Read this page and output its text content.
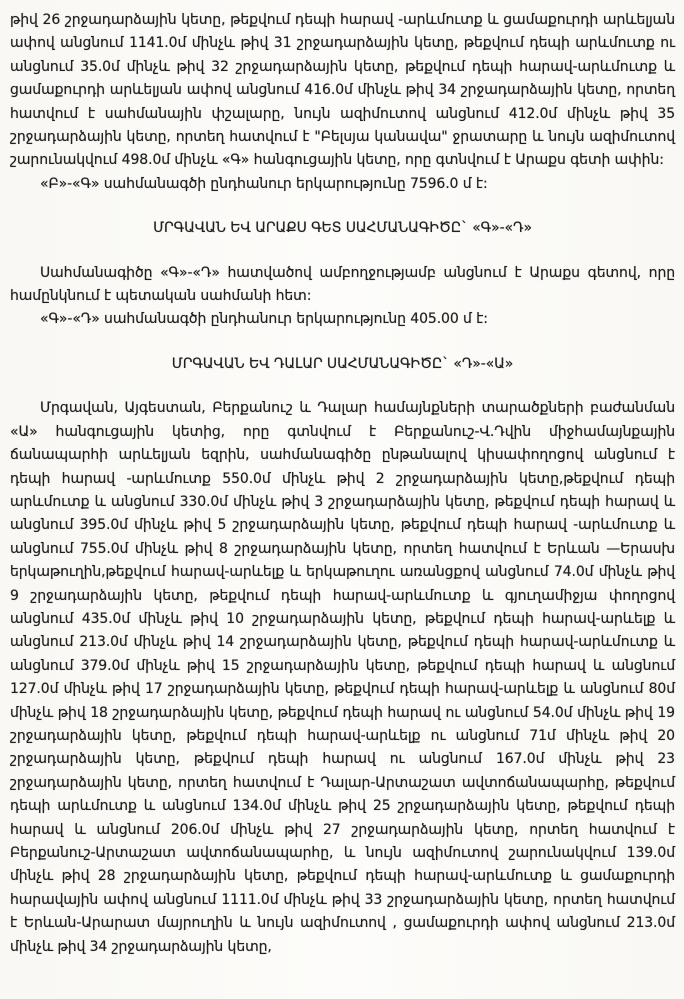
թիվ 26 շրջադարձային կետը, թեքվում դեպի հարավ -արևմուտք և ցամաքուրդի արևելյան ափով անցնում 1141.0մ մինչև թիվ 31 շրջադարձային կետը, թեքվում դեպի արևմուտք ու անցնում 35.0մ մինչև թիվ 32 շրջադարձային կետը, թեքվում դեպի հարավ-արևմուտք և ցամաքուրդի արևելյան ափով անցնում 416.0մ մինչև թիվ 34 շրջադարձային կետը, որտեղ հատվում է սահմանային փշալարը, նույն ազիմուտով անցնում 412.0մ մինչև թիվ 35 շրջադարձային կետը, որտեղ հատվում է "Բելսյա կանավա" ջրատարը և նույն ազիմուտով շարունակվում 498.0մ մինչև «Գ» հանգուցային կետը, որը գտնվում է Արաքս գետի ափին:

«Բ»-«Գ» սահմանագծի ընդհանուր երկարությունը 7596.0 մ է:

ՄՐԳԱՎԱՆ ԵՎ ԱՐԱՔՍ ԳԵՏ ՍԱՀՄԱՆԱԳԻԾԸ` «Գ»-«Դ»

Սահմանագիծը «Գ»-«Դ» հատվածով ամբողջությամբ անցնում է Արաքս գետով, որը համընկնում է պետական սահմանի հետ:

«Գ»-«Դ» սահմանագծի ընդհանուր երկարությունը 405.00 մ է:

ՄՐԳԱՎԱՆ ԵՎ ԴԱԼԱՐ ՍԱՀՄԱՆԱԳԻԾԸ` «Դ»-«Ա»

Մրգավան, Այգեստան, Բերքանուշ և Դալար համայնքների տարածքների բաժանման «Ա» հանգուցային կետից, որը գտնվում է Բերքանուշ-Վ.Դվին միջհամայնքային ճանապարհի արևելյան եզրին, սահմանագիծը ընթանալով կիսափողոցով անցնում է դեպի հարավ -արևմուտք 550.0մ մինչև թիվ 2 շրջադարձային կետը,թեքվում դեպի արևմուտք և անցնում 330.0մ մինչև թիվ 3 շրջադարձային կետը, թեքվում դեպի հարավ և անցնում 395.0մ մինչև թիվ 5 շրջադարձային կետը, թեքվում դեպի հարավ -արևմուտք և անցնում 755.0մ մինչև թիվ 8 շրջադարձային կետը, որտեղ հատվում է Երևան —Երասխ երկաթուղին,թեքվում հարավ-արևելք և երկաթուղու առանցքով անցնում 74.0մ մինչև թիվ 9 շրջադարձային կետը, թեքվում դեպի հարավ-արևմուտք և գյուղամիջյա փողոցով անցնում 435.0մ մինչև թիվ 10 շրջադարձային կետը, թեքվում դեպի հարավ-արևելք և անցնում 213.0մ մինչև թիվ 14 շրջադարձային կետը, թեքվում դեպի հարավ-արևմուտք և անցնում 379.0մ մինչև թիվ 15 շրջադարձային կետը, թեքվում դեպի հարավ և անցնում 127.0մ մինչև թիվ 17 շրջադարձային կետը, թեքվում դեպի հարավ-արևելք և անցնում 80մ մինչև թիվ 18 շրջադարձային կետը, թեքվում դեպի հարավ ու անցնում 54.0մ մինչև թիվ 19 շրջադարձային կետը, թեքվում դեպի հարավ-արևելք ու անցնում 71մ մինչև թիվ 20 շրջադարձային կետը, թեքվում դեպի հարավ ու անցնում 167.0մ մինչև թիվ 23 շրջադարձային կետը, որտեղ հատվում է Դալար-Արտաշատ ավտոճանապարհը, թեքվում դեպի արևմուտք և անցնում 134.0մ մինչև թիվ 25 շրջադարձային կետը, թեքվում դեպի հարավ և անցնում 206.0մ մինչև թիվ 27 շրջադարձային կետը, որտեղ հատվում է Բերքանուշ-Արտաշատ ավտոճանապարհը, և նույն ազիմուտով շարունակվում 139.0մ մինչև թիվ 28 շրջադարձային կետը, թեքվում դեպի հարավ-արևմուտք և ցամաքուրդի հարավային ափով անցնում 1111.0մ մինչև թիվ 33 շրջադարձային կետը, որտեղ հատվում է Երևան-Արարատ մայրուղին և նույն ազիմուտով , ցամաքուրդի ափով անցնում 213.0մ մինչև թիվ 34 շրջադարձային կետը,
